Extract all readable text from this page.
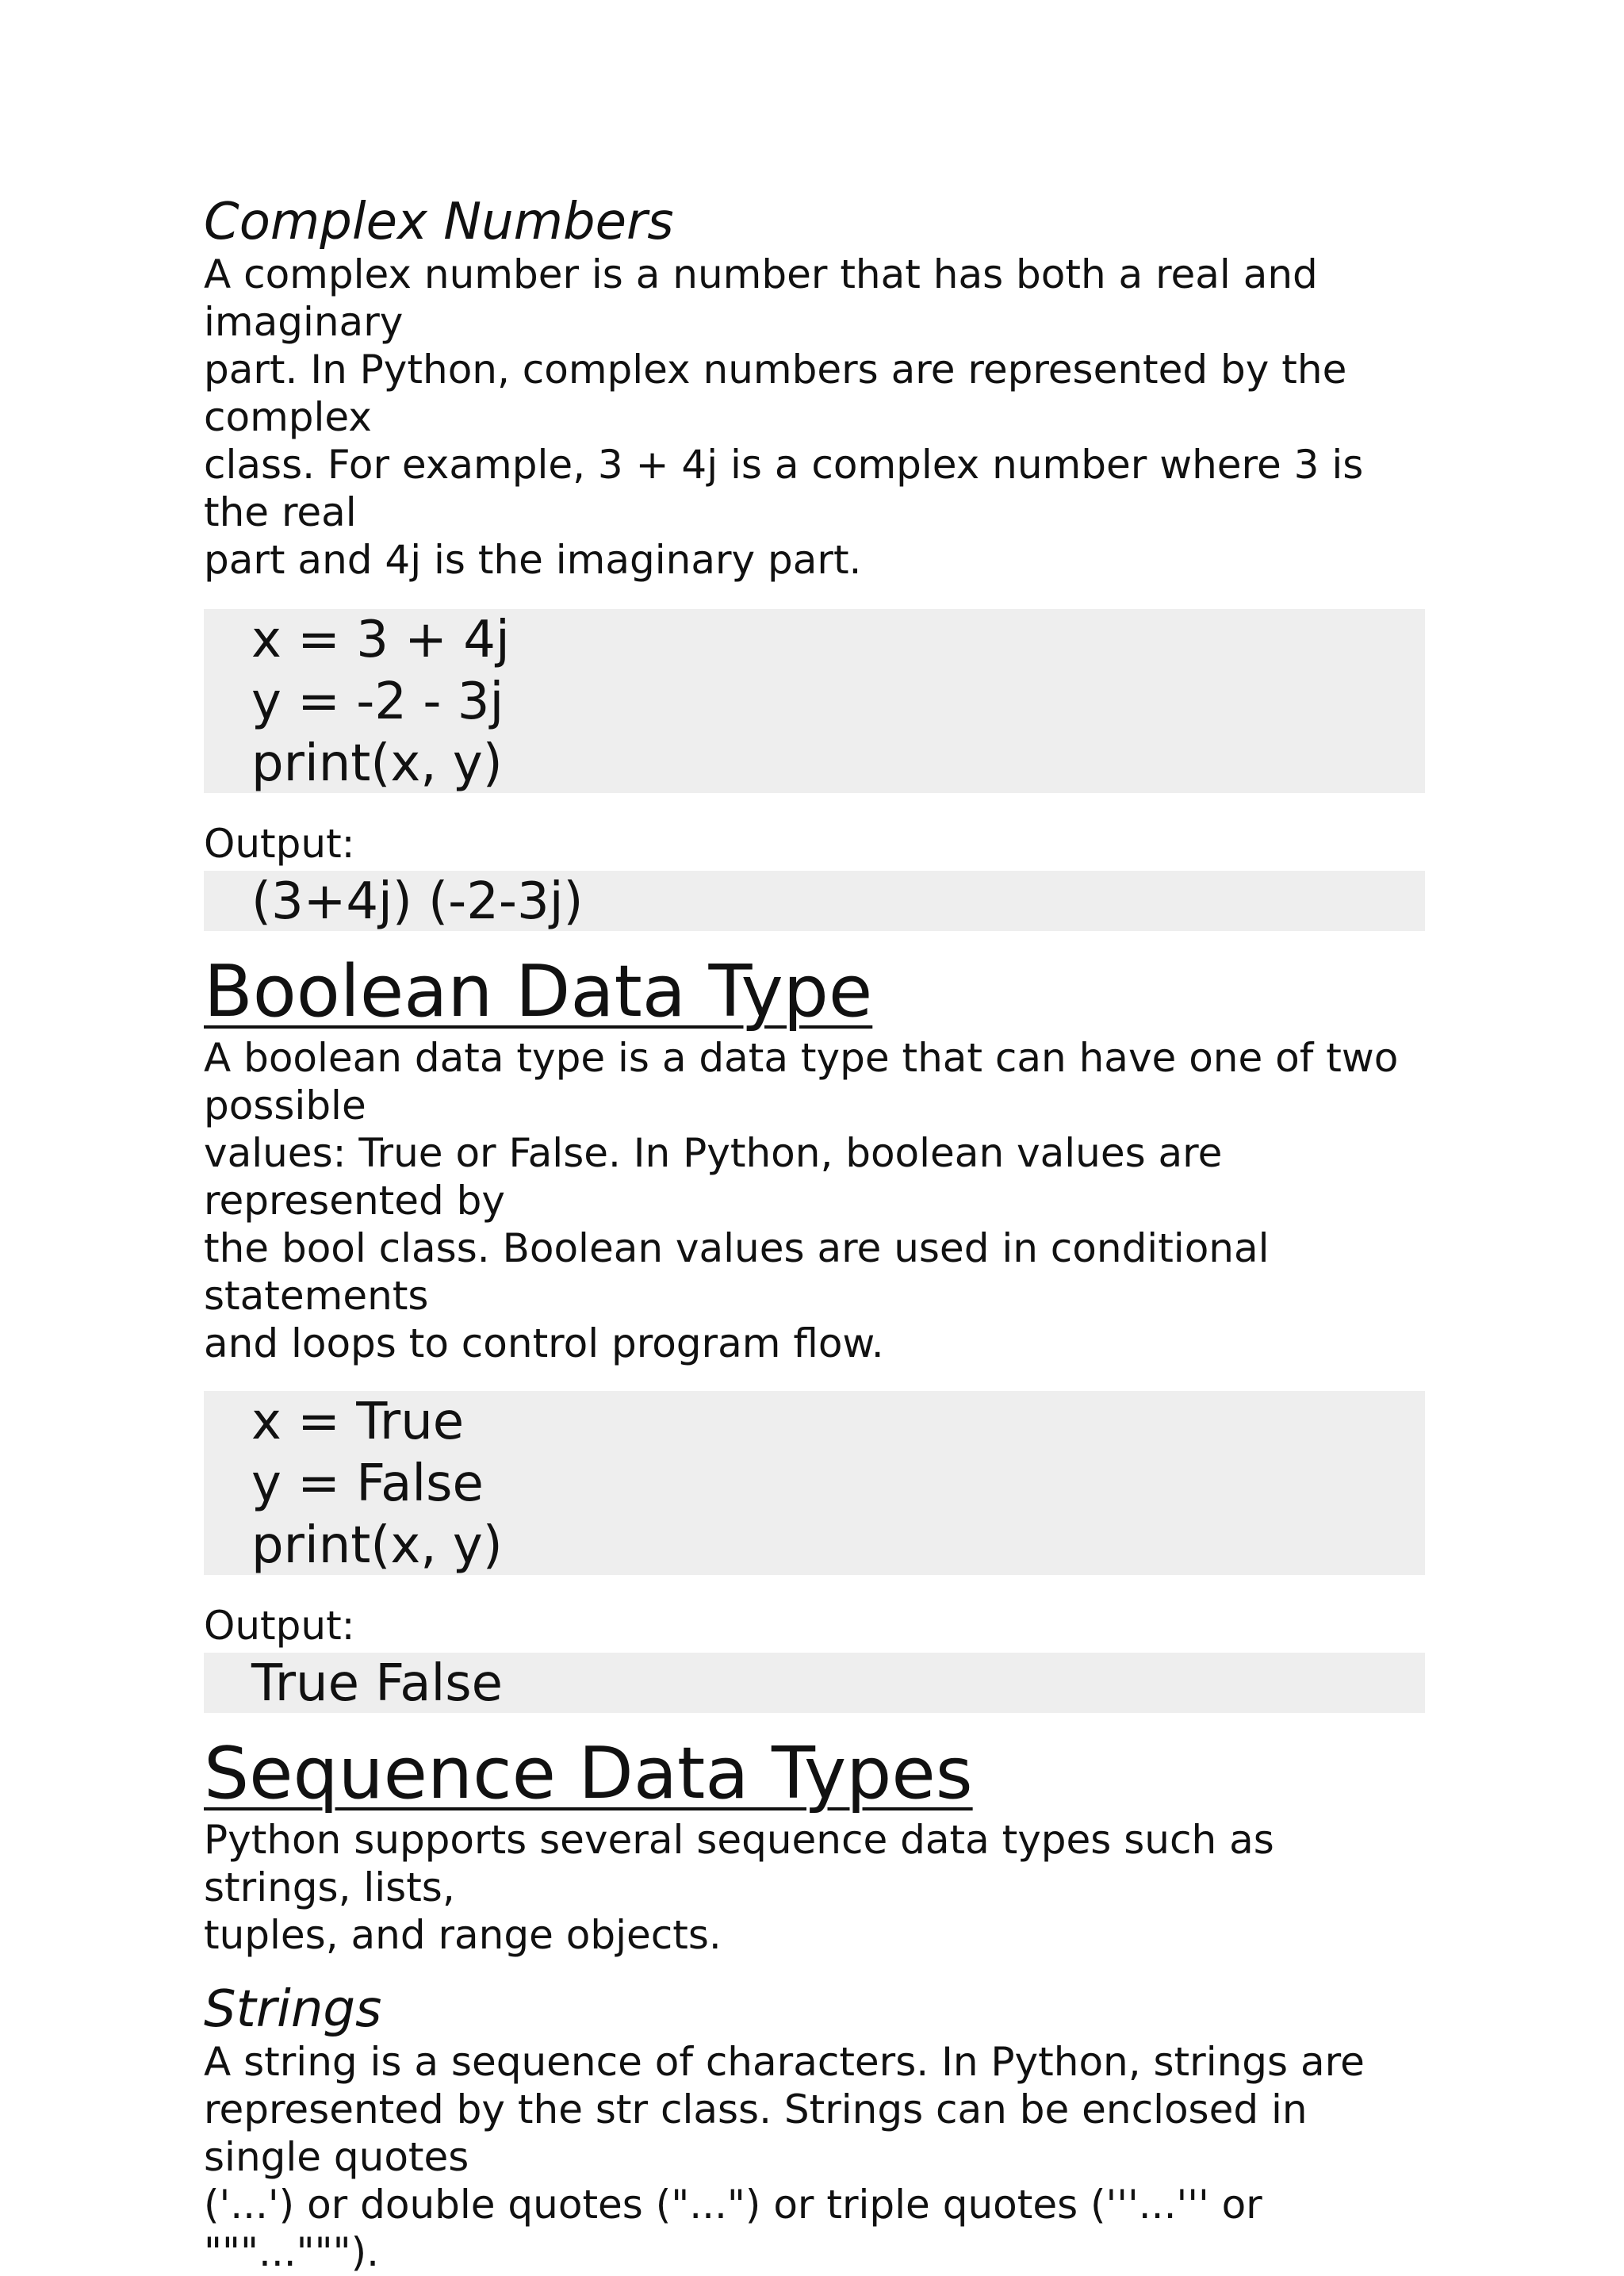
Complex Numbers
A complex number is a number that has both a real and imaginary
part. In Python, complex numbers are represented by the complex
class. For example, 3 + 4j is a complex number where 3 is the real
part and 4j is the imaginary part.
x = 3 + 4j
y = -2 - 3j
print(x, y)
Output:
(3+4j) (-2-3j)
Boolean Data Type
A boolean data type is a data type that can have one of two possible
values: True or False. In Python, boolean values are represented by
the bool class. Boolean values are used in conditional statements
and loops to control program flow.
x = True
y = False
print(x, y)
Output:
True False
Sequence Data Types
Python supports several sequence data types such as strings, lists,
tuples, and range objects.
Strings
A string is a sequence of characters. In Python, strings are
represented by the str class. Strings can be enclosed in single quotes
('...') or double quotes ("...") or triple quotes ('''...''' or """...""").
